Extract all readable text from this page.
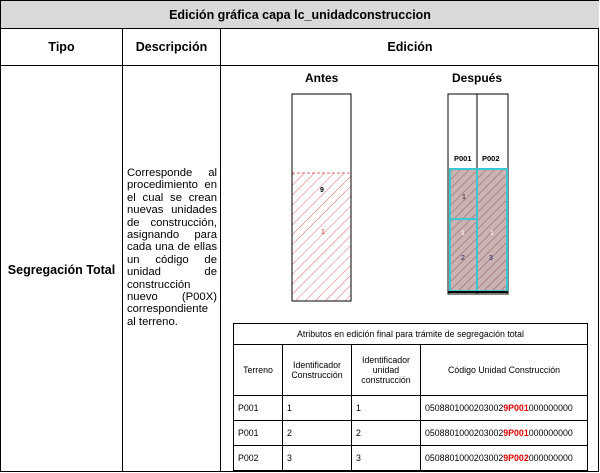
Edición gráfica capa lc_unidadconstruccion
Tipo	Descripción	Edición
Segregación Total
Corresponde al procedimiento en el cual se crean nuevas unidades de construcción, asignando para cada una de ellas un código de unidad de construcción nuevo (P00X) correspondiente al terreno.
Antes	Después
9
1
P001 P002
1
1
2
1
3
Atributos en edición final para trámite de segregación total			
Terreno	Identificador Construcción	Identificador unidad construcción	Código Unidad Construcción
P001	1	1	05088010002030029P001000000000
P001	2	2	05088010002030029P001000000000
P002	3	3	05088010002030029P002000000000
